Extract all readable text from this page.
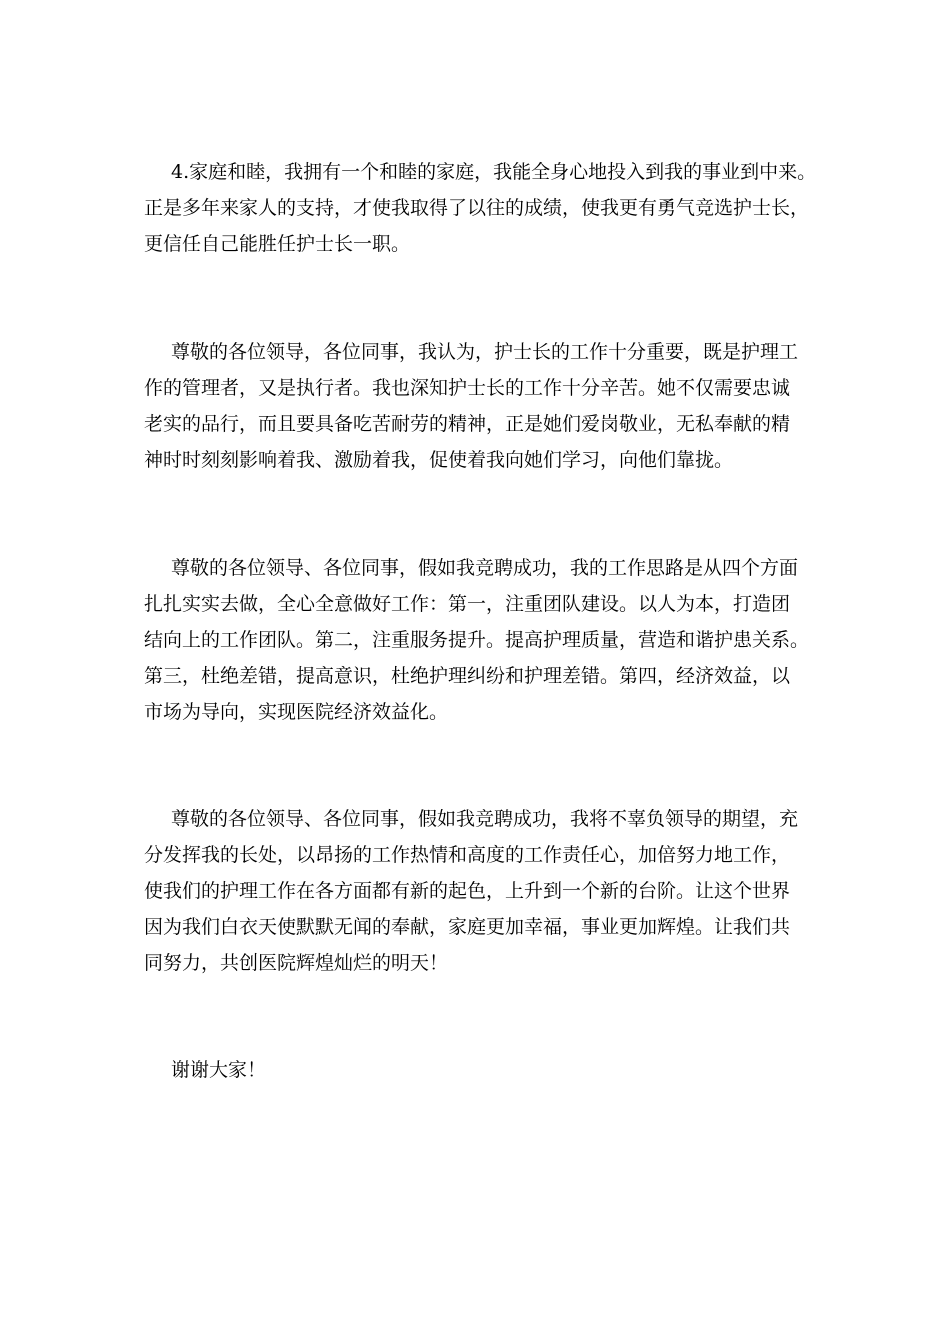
4.家庭和睦，我拥有一个和睦的家庭，我能全身心地投入到我的事业到中来。
正是多年来家人的支持，才使我取得了以往的成绩，使我更有勇气竞选护士长，
更信任自己能胜任护士长一职。
尊敬的各位领导，各位同事，我认为，护士长的工作十分重要，既是护理工
作的管理者，又是执行者。我也深知护士长的工作十分辛苦。她不仅需要忠诚
老实的品行，而且要具备吃苦耐劳的精神，正是她们爱岗敬业，无私奉献的精
神时时刻刻影响着我、激励着我，促使着我向她们学习，向他们靠拢。
尊敬的各位领导、各位同事，假如我竞聘成功，我的工作思路是从四个方面
扎扎实实去做，全心全意做好工作：第一，注重团队建设。以人为本，打造团
结向上的工作团队。第二，注重服务提升。提高护理质量，营造和谐护患关系。
第三，杜绝差错，提高意识，杜绝护理纠纷和护理差错。第四，经济效益，以
市场为导向，实现医院经济效益化。
尊敬的各位领导、各位同事，假如我竞聘成功，我将不辜负领导的期望，充
分发挥我的长处，以昂扬的工作热情和高度的工作责任心，加倍努力地工作，
使我们的护理工作在各方面都有新的起色，上升到一个新的台阶。让这个世界
因为我们白衣天使默默无闻的奉献，家庭更加幸福，事业更加辉煌。让我们共
同努力，共创医院辉煌灿烂的明天！
谢谢大家！
